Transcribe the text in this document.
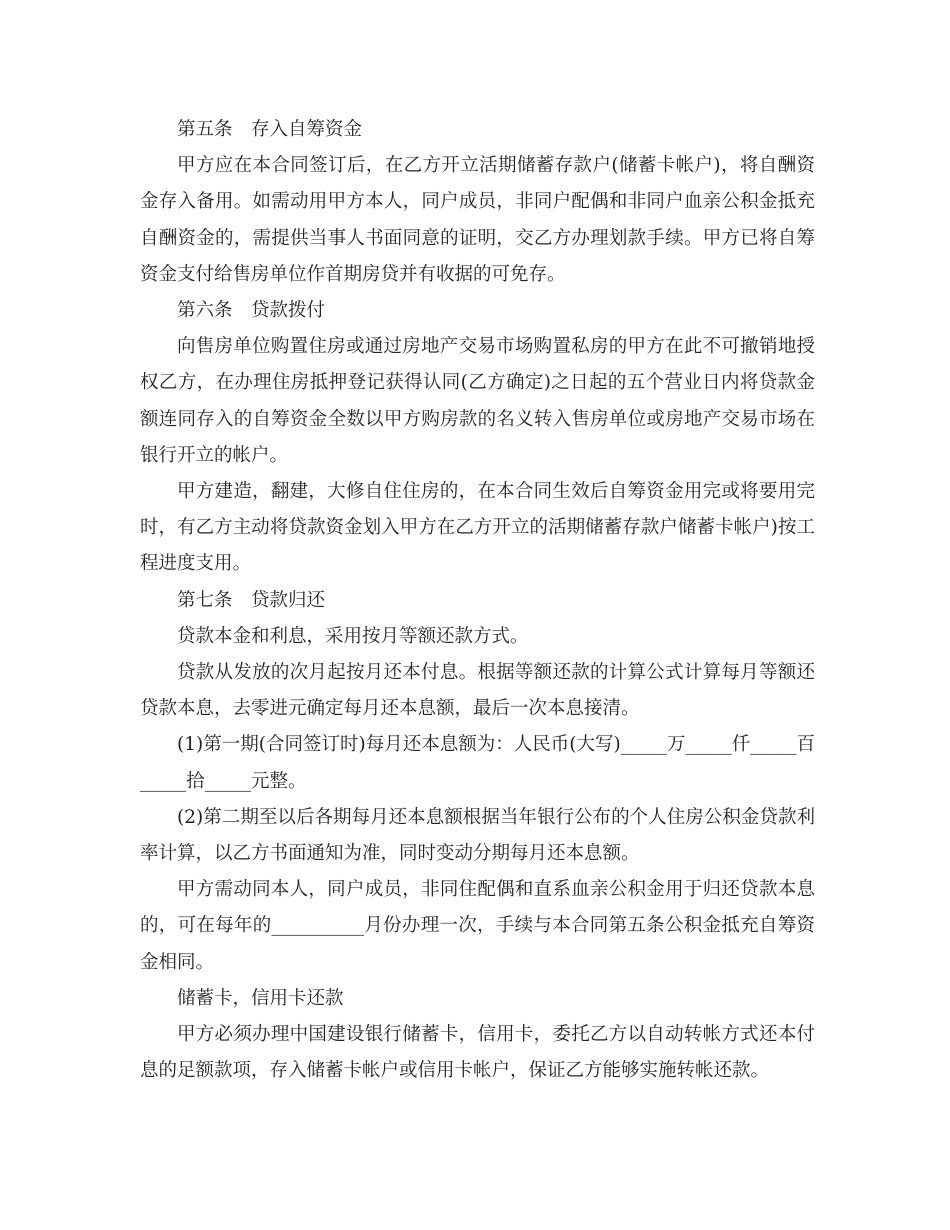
第五条　存入自筹资金

甲方应在本合同签订后，在乙方开立活期储蓄存款户(储蓄卡帐户)，将自酬资金存入备用。如需动用甲方本人，同户成员，非同户配偶和非同户血亲公积金抵充自酬资金的，需提供当事人书面同意的证明，交乙方办理划款手续。甲方已将自筹资金支付给售房单位作首期房贷并有收据的可免存。

第六条　贷款拨付

向售房单位购置住房或通过房地产交易市场购置私房的甲方在此不可撤销地授权乙方，在办理住房抵押登记获得认同(乙方确定)之日起的五个营业日内将贷款金额连同存入的自筹资金全数以甲方购房款的名义转入售房单位或房地产交易市场在银行开立的帐户。

甲方建造，翻建，大修自住住房的，在本合同生效后自筹资金用完或将要用完时，有乙方主动将贷款资金划入甲方在乙方开立的活期储蓄存款户储蓄卡帐户)按工程进度支用。

第七条　贷款归还

贷款本金和利息，采用按月等额还款方式。

贷款从发放的次月起按月还本付息。根据等额还款的计算公式计算每月等额还贷款本息，去零进元确定每月还本息额，最后一次本息接清。

(1)第一期(合同签订时)每月还本息额为：人民币(大写)_____万_____仟_____百_____拾_____元整。

(2)第二期至以后各期每月还本息额根据当年银行公布的个人住房公积金贷款利率计算，以乙方书面通知为准，同时变动分期每月还本息额。

甲方需动同本人，同户成员，非同住配偶和直系血亲公积金用于归还贷款本息的，可在每年的__________月份办理一次，手续与本合同第五条公积金抵充自筹资金相同。

储蓄卡，信用卡还款

甲方必须办理中国建设银行储蓄卡，信用卡，委托乙方以自动转帐方式还本付息的足额款项，存入储蓄卡帐户或信用卡帐户，保证乙方能够实施转帐还款。
